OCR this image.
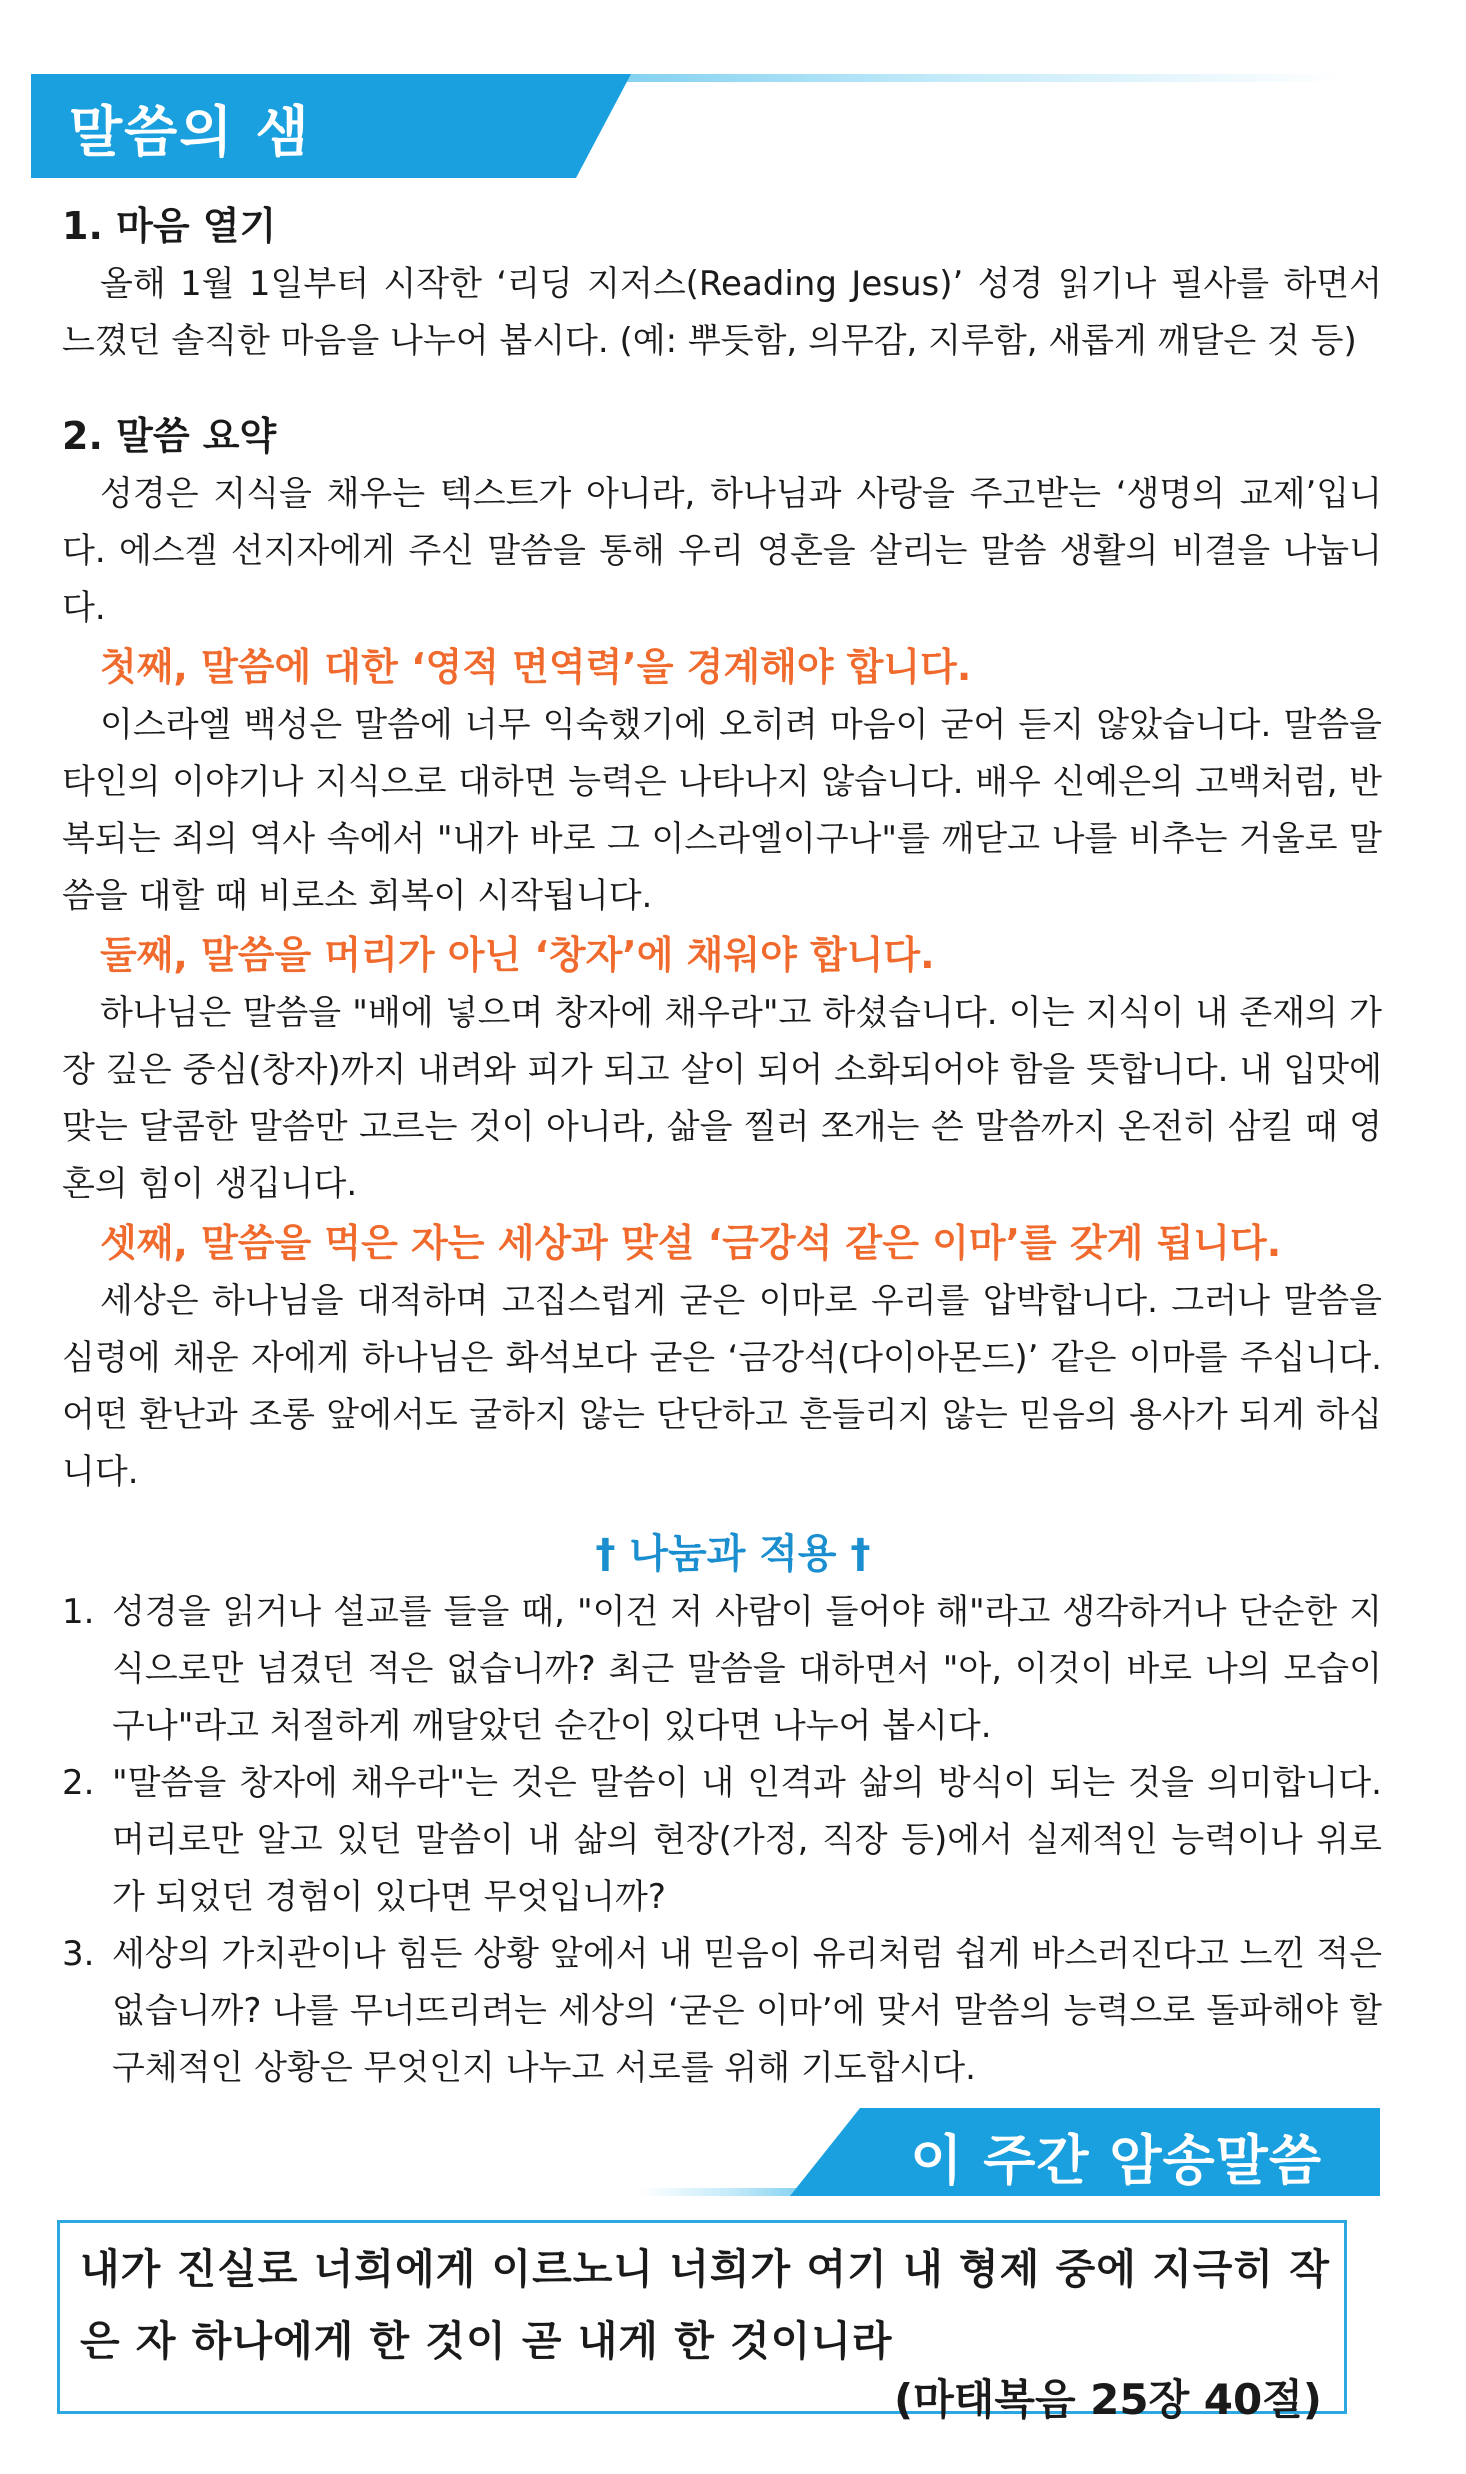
말씀의 샘
1. 마음 열기

올해 1월 1일부터 시작한 ‘리딩 지저스(Reading Jesus)’ 성경 읽기나 필사를 하면서 느꼈던 솔직한 마음을 나누어 봅시다. (예: 뿌듯함, 의무감, 지루함, 새롭게 깨달은 것 등)

2. 말씀 요약

성경은 지식을 채우는 텍스트가 아니라, 하나님과 사랑을 주고받는 ‘생명의 교제’입니다. 에스겔 선지자에게 주신 말씀을 통해 우리 영혼을 살리는 말씀 생활의 비결을 나눕니다.

첫째, 말씀에 대한 ‘영적 면역력’을 경계해야 합니다.

이스라엘 백성은 말씀에 너무 익숙했기에 오히려 마음이 굳어 듣지 않았습니다. 말씀을 타인의 이야기나 지식으로 대하면 능력은 나타나지 않습니다. 배우 신예은의 고백처럼, 반복되는 죄의 역사 속에서 "내가 바로 그 이스라엘이구나"를 깨닫고 나를 비추는 거울로 말씀을 대할 때 비로소 회복이 시작됩니다.

둘째, 말씀을 머리가 아닌 ‘창자’에 채워야 합니다.

하나님은 말씀을 "배에 넣으며 창자에 채우라"고 하셨습니다. 이는 지식이 내 존재의 가장 깊은 중심(창자)까지 내려와 피가 되고 살이 되어 소화되어야 함을 뜻합니다. 내 입맛에 맞는 달콤한 말씀만 고르는 것이 아니라, 삶을 찔러 쪼개는 쓴 말씀까지 온전히 삼킬 때 영혼의 힘이 생깁니다.

셋째, 말씀을 먹은 자는 세상과 맞설 ‘금강석 같은 이마’를 갖게 됩니다.

세상은 하나님을 대적하며 고집스럽게 굳은 이마로 우리를 압박합니다. 그러나 말씀을 심령에 채운 자에게 하나님은 화석보다 굳은 ‘금강석(다이아몬드)’ 같은 이마를 주십니다. 어떤 환난과 조롱 앞에서도 굴하지 않는 단단하고 흔들리지 않는 믿음의 용사가 되게 하십니다.

† 나눔과 적용 †
1. 성경을 읽거나 설교를 들을 때, "이건 저 사람이 들어야 해"라고 생각하거나 단순한 지식으로만 넘겼던 적은 없습니까? 최근 말씀을 대하면서 "아, 이것이 바로 나의 모습이구나"라고 처절하게 깨달았던 순간이 있다면 나누어 봅시다.
2. "말씀을 창자에 채우라"는 것은 말씀이 내 인격과 삶의 방식이 되는 것을 의미합니다. 머리로만 알고 있던 말씀이 내 삶의 현장(가정, 직장 등)에서 실제적인 능력이나 위로가 되었던 경험이 있다면 무엇입니까?
3. 세상의 가치관이나 힘든 상황 앞에서 내 믿음이 유리처럼 쉽게 바스러진다고 느낀 적은 없습니까? 나를 무너뜨리려는 세상의 ‘굳은 이마’에 맞서 말씀의 능력으로 돌파해야 할 구체적인 상황은 무엇인지 나누고 서로를 위해 기도합시다.
이 주간 암송말씀
내가 진실로 너희에게 이르노니 너희가 여기 내 형제 중에 지극히 작은 자 하나에게 한 것이 곧 내게 한 것이니라
(마태복음 25장 40절)
